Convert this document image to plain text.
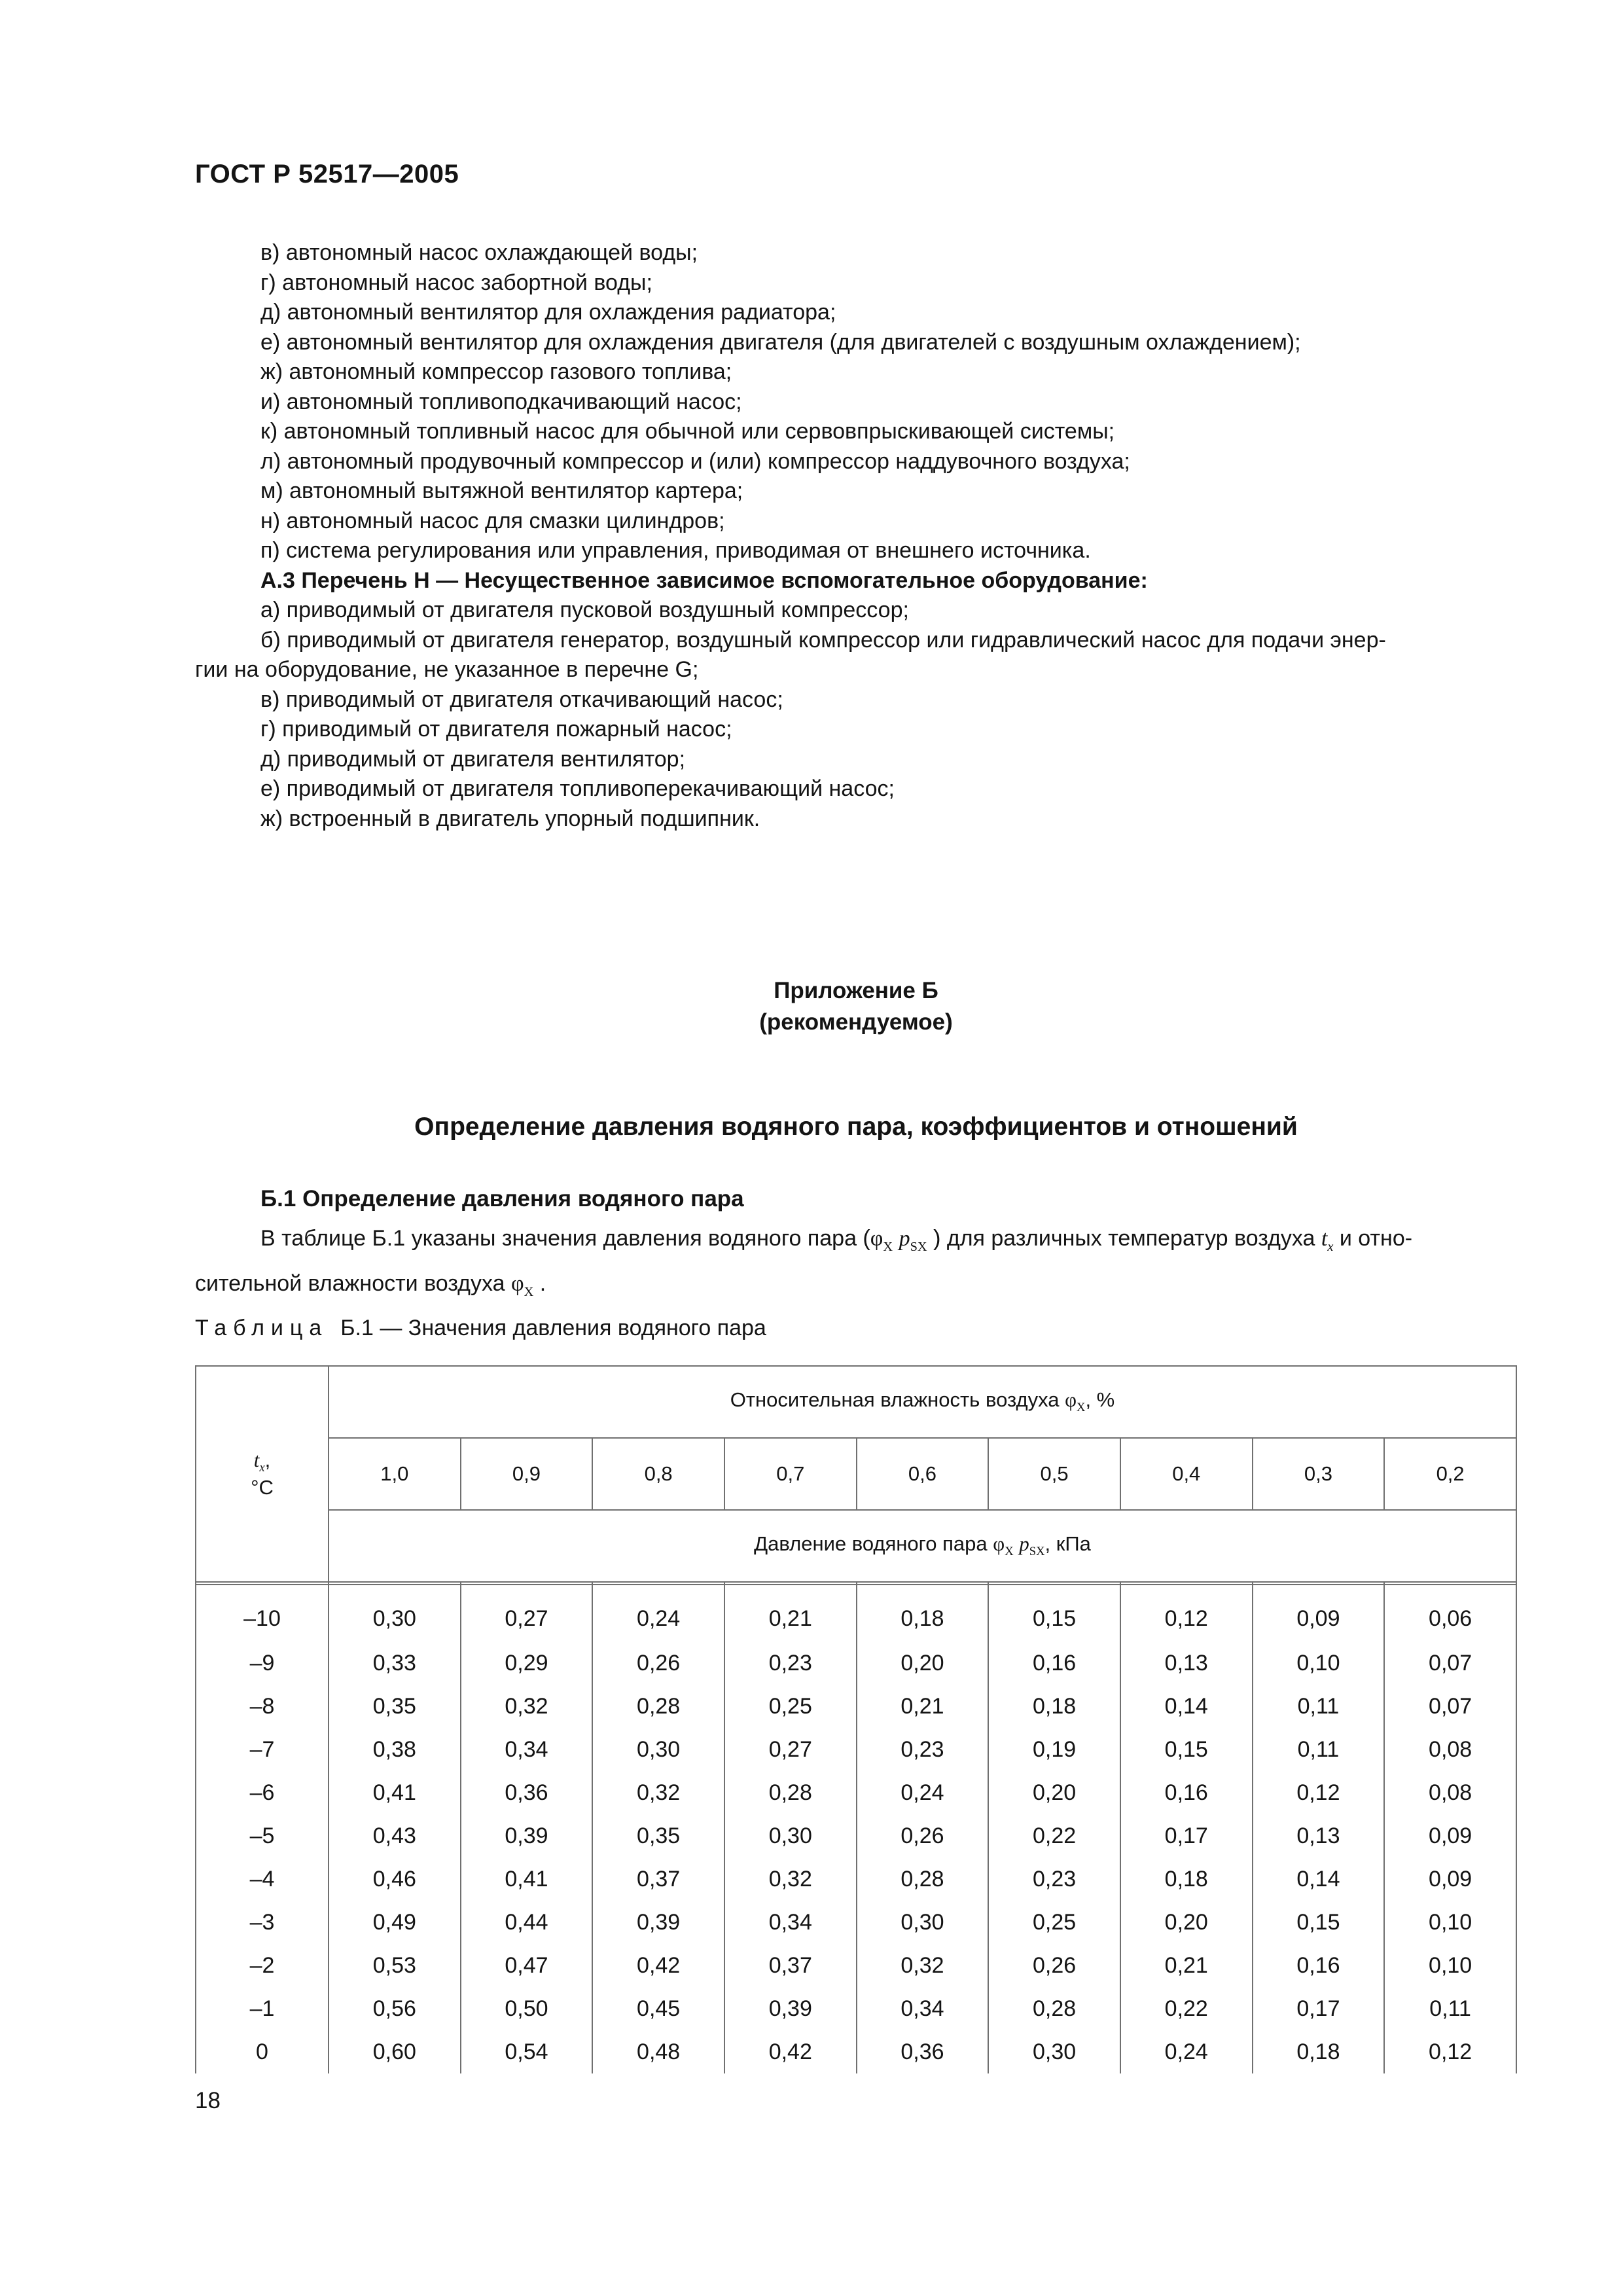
ГОСТ Р 52517—2005
в) автономный насос охлаждающей воды;
г) автономный насос забортной воды;
д) автономный вентилятор для охлаждения радиатора;
е) автономный вентилятор для охлаждения двигателя (для двигателей с воздушным охлаждением);
ж) автономный компрессор газового топлива;
и) автономный топливоподкачивающий насос;
к) автономный топливный насос для обычной или сервовпрыскивающей системы;
л) автономный продувочный компрессор и (или) компрессор наддувочного воздуха;
м) автономный вытяжной вентилятор картера;
н) автономный насос для смазки цилиндров;
п) система регулирования или управления, приводимая от внешнего источника.
А.3 Перечень Н — Несущественное зависимое вспомогательное оборудование:
а) приводимый от двигателя пусковой воздушный компрессор;
б) приводимый от двигателя генератор, воздушный компрессор или гидравлический насос для подачи энер-
гии на оборудование, не указанное в перечне G;
в) приводимый от двигателя откачивающий насос;
г) приводимый от двигателя пожарный насос;
д) приводимый от двигателя вентилятор;
е) приводимый от двигателя топливоперекачивающий насос;
ж) встроенный в двигатель упорный подшипник.
Приложение Б
(рекомендуемое)
Определение давления водяного пара, коэффициентов и отношений
Б.1 Определение давления водяного пара
В таблице Б.1 указаны значения давления водяного пара ($\varphi_X$ $p_{SX}$ ) для различных температур воздуха $t_x$ и отно-
сительной влажности воздуха $\varphi_X$ .
Таблица Б.1 — Значения давления водяного пара
$t_x$,
°C	Относительная влажность воздуха $\varphi_X$, %								
	1,0	0,9	0,8	0,7	0,6	0,5	0,4	0,3	0,2
	Давление водяного пара $\varphi_X$ $p_{SX}$, кПа								

–10	0,30	0,27	0,24	0,21	0,18	0,15	0,12	0,09	0,06
–9	0,33	0,29	0,26	0,23	0,20	0,16	0,13	0,10	0,07
–8	0,35	0,32	0,28	0,25	0,21	0,18	0,14	0,11	0,07
–7	0,38	0,34	0,30	0,27	0,23	0,19	0,15	0,11	0,08
–6	0,41	0,36	0,32	0,28	0,24	0,20	0,16	0,12	0,08
–5	0,43	0,39	0,35	0,30	0,26	0,22	0,17	0,13	0,09
–4	0,46	0,41	0,37	0,32	0,28	0,23	0,18	0,14	0,09
–3	0,49	0,44	0,39	0,34	0,30	0,25	0,20	0,15	0,10
–2	0,53	0,47	0,42	0,37	0,32	0,26	0,21	0,16	0,10
–1	0,56	0,50	0,45	0,39	0,34	0,28	0,22	0,17	0,11
0	0,60	0,54	0,48	0,42	0,36	0,30	0,24	0,18	0,12
18
